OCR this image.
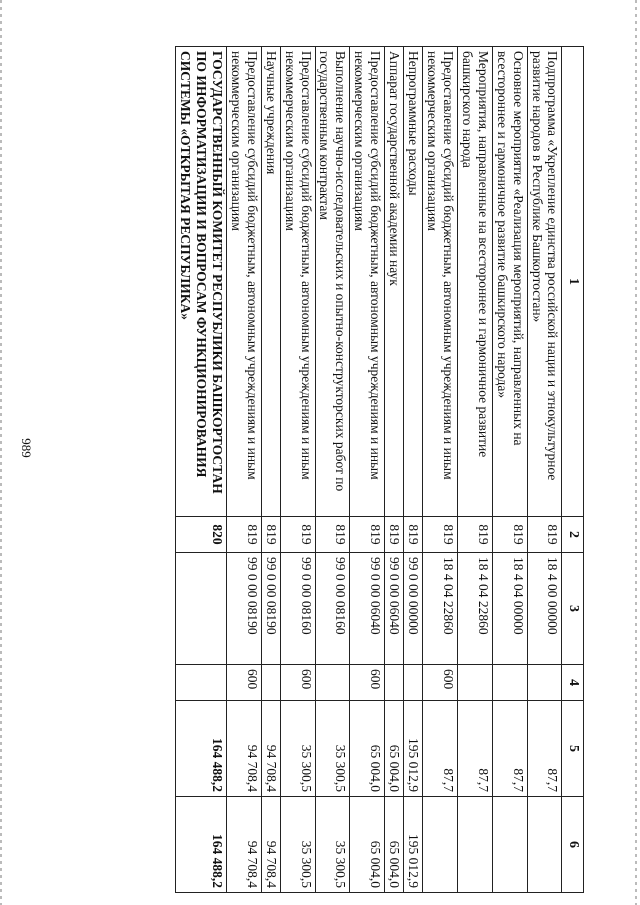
989
1	2	3	4	5	6
Подпрограмма «Укрепление единства российской нации и этнокультурное развитие народов в Республике Башкортостан»	819	18 4 00 00000		87,7	
Основное мероприятие «Реализация мероприятий, направленных на всестороннее и гармоничное развитие башкирского народа»	819	18 4 04 00000		87,7	
Мероприятия, направленные на всестороннее и гармоничное развитие башкирского народа	819	18 4 04 22860		87,7	
Предоставление субсидий бюджетным, автономным учреждениям и иным некоммерческим организациям	819	18 4 04 22860	600	87,7	
Непрограммные расходы	819	99 0 00 00000		195 012,9	195 012,9
Аппарат государственной академии наук	819	99 0 00 06040		65 004,0	65 004,0
Предоставление субсидий бюджетным, автономным учреждениям и иным некоммерческим организациям	819	99 0 00 06040	600	65 004,0	65 004,0
Выполнение научно-исследовательских и опытно-конструкторских работ по государственным контрактам	819	99 0 00 08160		35 300,5	35 300,5
Предоставление субсидий бюджетным, автономным учреждениям и иным некоммерческим организациям	819	99 0 00 08160	600	35 300,5	35 300,5
Научные учреждения	819	99 0 00 08190		94 708,4	94 708,4
Предоставление субсидий бюджетным, автономным учреждениям и иным некоммерческим организациям	819	99 0 00 08190	600	94 708,4	94 708,4
ГОСУДАРСТВЕННЫЙ КОМИТЕТ РЕСПУБЛИКИ БАШКОРТОСТАН ПО ИНФОРМАТИЗАЦИИ И ВОПРОСАМ ФУНКЦИОНИРОВАНИЯ СИСТЕМЫ «ОТКРЫТАЯ РЕСПУБЛИКА»	820			164 488,2	164 488,2
